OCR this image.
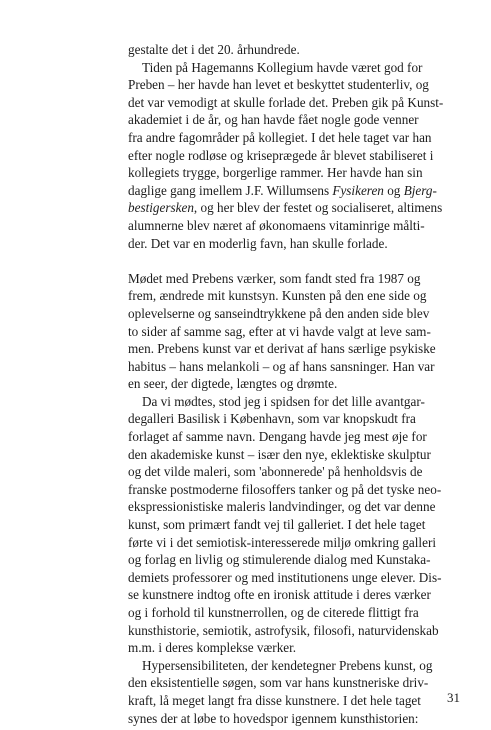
gestalte det i det 20. århundrede.
Tiden på Hagemanns Kollegium havde været god for
Preben – her havde han levet et beskyttet studenterliv, og
det var vemodigt at skulle forlade det. Preben gik på Kunst-
akademiet i de år, og han havde fået nogle gode venner
fra andre fagområder på kollegiet. I det hele taget var han
efter nogle rodløse og kriseprægede år blevet stabiliseret i
kollegiets trygge, borgerlige rammer. Her havde han sin
daglige gang imellem J.F. Willumsens Fysikeren og Bjerg-
bestigersken, og her blev der festet og socialiseret, altimens
alumnerne blev næret af økonomaens vitaminrige målti-
der. Det var en moderlig favn, han skulle forlade.
Mødet med Prebens værker, som fandt sted fra 1987 og
frem, ændrede mit kunstsyn. Kunsten på den ene side og
oplevelserne og sanseindtrykkene på den anden side blev
to sider af samme sag, efter at vi havde valgt at leve sam-
men. Prebens kunst var et derivat af hans særlige psykiske
habitus – hans melankoli – og af hans sansninger. Han var
en seer, der digtede, længtes og drømte.
Da vi mødtes, stod jeg i spidsen for det lille avantgar-
degalleri Basilisk i København, som var knopskudt fra
forlaget af samme navn. Dengang havde jeg mest øje for
den akademiske kunst – især den nye, eklektiske skulptur
og det vilde maleri, som 'abonnerede' på henholdsvis de
franske postmoderne filosoffers tanker og på det tyske neo-
ekspressionistiske maleris landvindinger, og det var denne
kunst, som primært fandt vej til galleriet. I det hele taget
førte vi i det semiotisk-interesserede miljø omkring galleri
og forlag en livlig og stimulerende dialog med Kunstaka-
demiets professorer og med institutionens unge elever. Dis-
se kunstnere indtog ofte en ironisk attitude i deres værker
og i forhold til kunstnerrollen, og de citerede flittigt fra
kunsthistorie, semiotik, astrofysik, filosofi, naturvidenskab
m.m. i deres komplekse værker.
Hypersensibiliteten, der kendetegner Prebens kunst, og
den eksistentielle søgen, som var hans kunstneriske driv-
kraft, lå meget langt fra disse kunstnere. I det hele taget
synes der at løbe to hovedspor igennem kunsthistorien:
31
